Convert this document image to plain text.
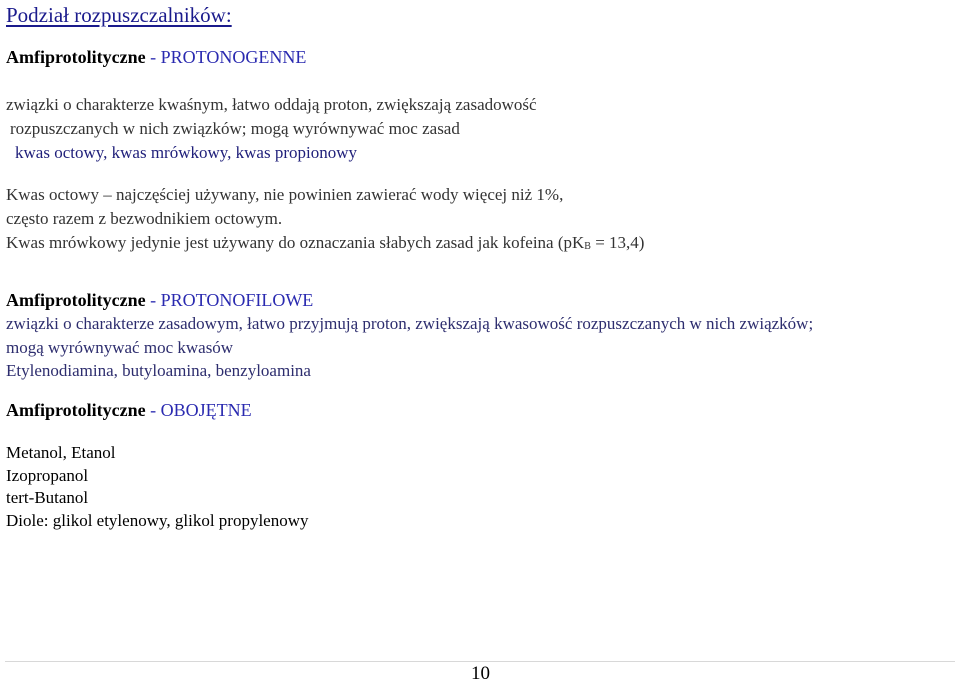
Podział rozpuszczalników:
Amfiprotolityczne - PROTONOGENNE
związki o charakterze kwaśnym, łatwo oddają proton, zwiększają zasadowość
rozpuszczanych w nich związków; mogą wyrównywać moc zasad
kwas octowy, kwas mrówkowy, kwas propionowy
Kwas octowy – najczęściej używany, nie powinien zawierać wody więcej niż 1%,
często razem z bezwodnikiem octowym.
Kwas mrówkowy jedynie jest używany do oznaczania słabych zasad jak kofeina $(pK_B = 13,4)$
Amfiprotolityczne - PROTONOFILOWE
związki o charakterze zasadowym, łatwo przyjmują proton, zwiększają kwasowość rozpuszczanych w nich związków;
mogą wyrównywać moc kwasów
Etylenodiamina, butyloamina, benzyloamina
Amfiprotolityczne - OBOJĘTNE
Metanol, Etanol
Izopropanol
tert-Butanol
Diole: glikol etylenowy, glikol propylenowy
10
